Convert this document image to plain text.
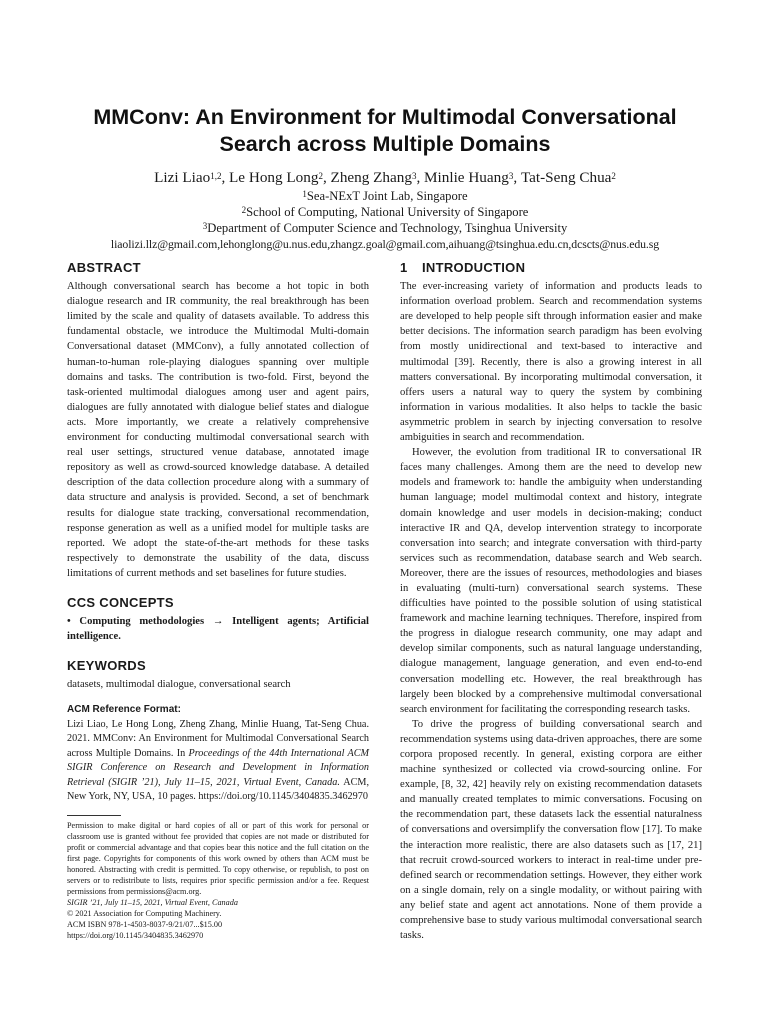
MMConv: An Environment for Multimodal Conversational
Search across Multiple Domains
Lizi Liao$^{1,2}$, Le Hong Long$^2$, Zheng Zhang$^3$, Minlie Huang$^3$, Tat-Seng Chua$^2$
$^1$Sea-NExT Joint Lab, Singapore
$^2$School of Computing, National University of Singapore
$^3$Department of Computer Science and Technology, Tsinghua University
liaolizi.llz@gmail.com,lehonglong@u.nus.edu,zhangz.goal@gmail.com,aihuang@tsinghua.edu.cn,dcscts@nus.edu.sg
ABSTRACT

Although conversational search has become a hot topic in both dialogue research and IR community, the real breakthrough has been limited by the scale and quality of datasets available. To address this fundamental obstacle, we introduce the Multimodal Multi-domain Conversational dataset (MMConv), a fully annotated collection of human-to-human role-playing dialogues spanning over multiple domains and tasks. The contribution is two-fold. First, beyond the task-oriented multimodal dialogues among user and agent pairs, dialogues are fully annotated with dialogue belief states and dialogue acts. More importantly, we create a relatively comprehensive environment for conducting multimodal conversational search with real user settings, structured venue database, annotated image repository as well as crowd-sourced knowledge database. A detailed description of the data collection procedure along with a summary of data structure and analysis is provided. Second, a set of benchmark results for dialogue state tracking, conversational recommendation, response generation as well as a unified model for multiple tasks are reported. We adopt the state-of-the-art methods for these tasks respectively to demonstrate the usability of the data, discuss limitations of current methods and set baselines for future studies.

CCS CONCEPTS

• Computing methodologies → Intelligent agents; Artificial intelligence.

KEYWORDS

datasets, multimodal dialogue, conversational search

ACM Reference Format:

Lizi Liao, Le Hong Long, Zheng Zhang, Minlie Huang, Tat-Seng Chua. 2021. MMConv: An Environment for Multimodal Conversational Search across Multiple Domains. In Proceedings of the 44th International ACM SIGIR Conference on Research and Development in Information Retrieval (SIGIR ’21), July 11–15, 2021, Virtual Event, Canada. ACM, New York, NY, USA, 10 pages. https://doi.org/10.1145/3404835.3462970

Permission to make digital or hard copies of all or part of this work for personal or classroom use is granted without fee provided that copies are not made or distributed for profit or commercial advantage and that copies bear this notice and the full citation on the first page. Copyrights for components of this work owned by others than ACM must be honored. Abstracting with credit is permitted. To copy otherwise, or republish, to post on servers or to redistribute to lists, requires prior specific permission and/or a fee. Request permissions from permissions@acm.org.

SIGIR ’21, July 11–15, 2021, Virtual Event, Canada

© 2021 Association for Computing Machinery.

ACM ISBN 978-1-4503-8037-9/21/07...$15.00

https://doi.org/10.1145/3404835.3462970

1 INTRODUCTION

The ever-increasing variety of information and products leads to information overload problem. Search and recommendation systems are developed to help people sift through information easier and make better decisions. The information search paradigm has been evolving from mostly unidirectional and text-based to interactive and multimodal [39]. Recently, there is also a growing interest in all matters conversational. By incorporating multimodal conversation, it offers users a natural way to query the system by combining information in various modalities. It also helps to tackle the basic asymmetric problem in search by injecting conversation to resolve ambiguities in search and recommendation.

However, the evolution from traditional IR to conversational IR faces many challenges. Among them are the need to develop new models and framework to: handle the ambiguity when understanding human language; model multimodal context and history, integrate domain knowledge and user models in decision-making; conduct interactive IR and QA, develop intervention strategy to incorporate conversation into search; and integrate conversation with third-party services such as recommendation, database search and Web search. Moreover, there are the issues of resources, methodologies and biases in evaluating (multi-turn) conversational search systems. These difficulties have pointed to the possible solution of using statistical framework and machine learning techniques. Therefore, inspired from the progress in dialogue research community, one may adapt and develop similar components, such as natural language understanding, dialogue management, language generation, and even end-to-end conversation modelling etc. However, the real breakthrough has largely been blocked by a comprehensive multimodal conversational search environment for facilitating the corresponding research tasks.

To drive the progress of building conversational search and recommendation systems using data-driven approaches, there are some corpora proposed recently. In general, existing corpora are either machine synthesized or collected via crowd-sourcing online. For example, [8, 32, 42] heavily rely on existing recommendation datasets and manually created templates to mimic conversations. Focusing on the recommendation part, these datasets lack the essential naturalness of conversations and oversimplify the conversation flow [17]. To make the interaction more realistic, there are also datasets such as [17, 21] that recruit crowd-sourced workers to interact in real-time under pre-defined search or recommendation settings. However, they either work on a single domain, rely on a single modality, or without pairing with any belief state and agent act annotations. None of them provide a comprehensive base to study various multimodal conversational search tasks.
